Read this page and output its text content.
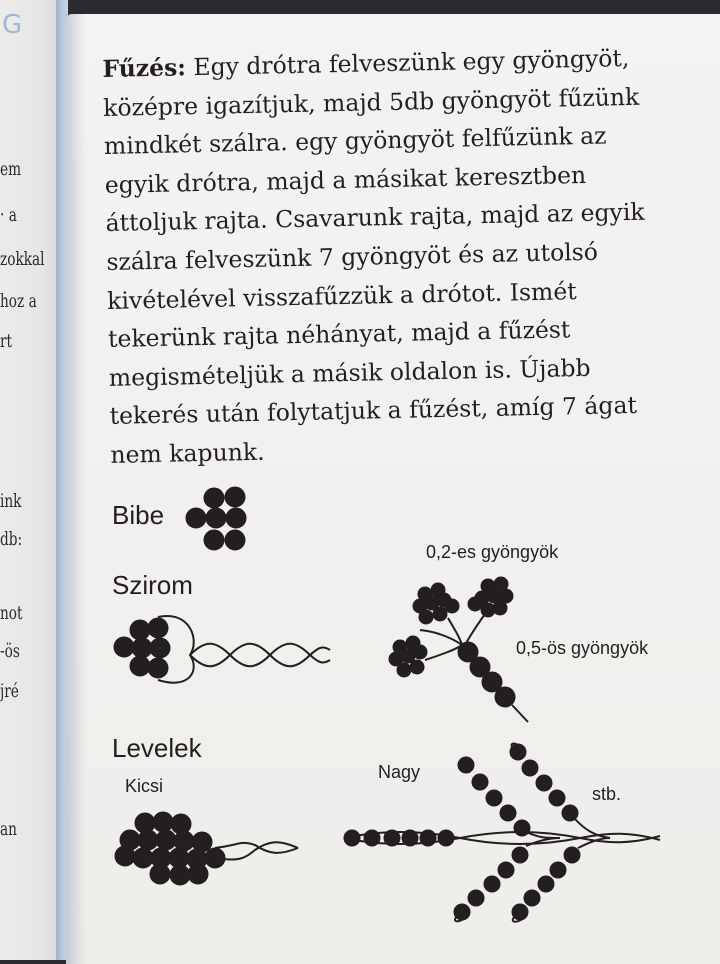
G
em
· a
zokkal
hoz a
rt
ink
db:
not
-ös
jré
an
Fűzés: Egy drótra felveszünk egy gyöngyöt,
középre igazítjuk, majd 5db gyöngyöt fűzünk
mindkét szálra. egy gyöngyöt felfűzünk az
egyik drótra, majd a másikat keresztben
áttoljuk rajta. Csavarunk rajta, majd az egyik
szálra felveszünk 7 gyöngyöt és az utolsó
kivételével visszafűzzük a drótot. Ismét
tekerünk rajta néhányat, majd a fűzést
megismételjük a másik oldalon is. Újabb
tekerés után folytatjuk a fűzést, amíg 7 ágat
nem kapunk.
Bibe
Szirom
0,2-es gyöngyök
0,5-ös gyöngyök
Levelek
Kicsi
Nagy
stb.
